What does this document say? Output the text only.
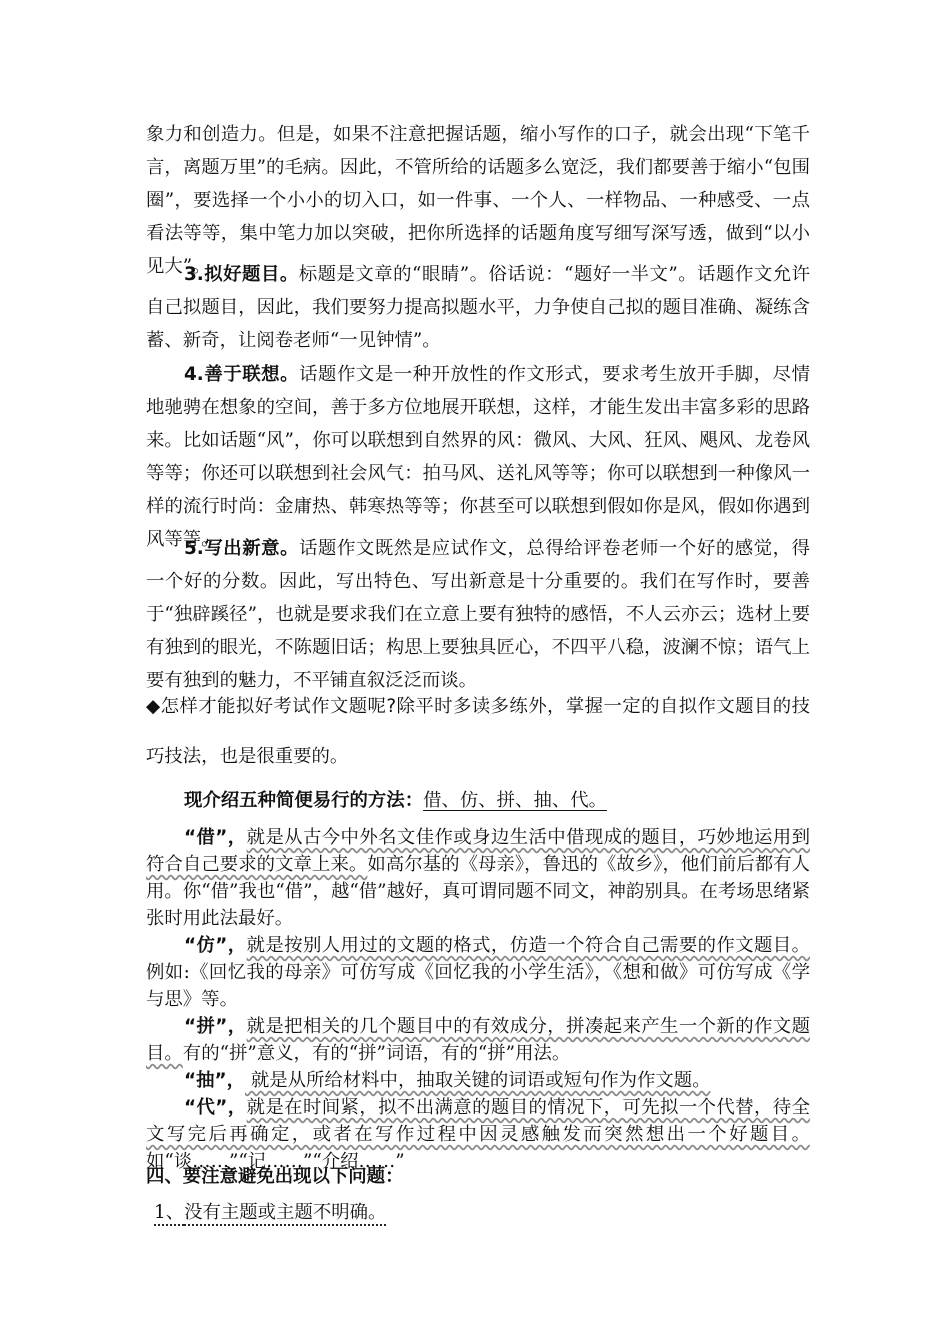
象力和创造力。但是，如果不注意把握话题，缩小写作的口子，就会出现“下笔千言，离题万里”的毛病。因此，不管所给的话题多么宽泛，我们都要善于缩小“包围圈”，要选择一个小小的切入口，如一件事、一个人、一样物品、一种感受、一点看法等等，集中笔力加以突破，把你所选择的话题角度写细写深写透，做到“以小见大”。

3.拟好题目。标题是文章的“眼睛”。俗话说：“题好一半文”。话题作文允许自己拟题目，因此，我们要努力提高拟题水平，力争使自己拟的题目准确、凝练含蓄、新奇，让阅卷老师“一见钟情”。

4.善于联想。话题作文是一种开放性的作文形式，要求考生放开手脚，尽情地驰骋在想象的空间，善于多方位地展开联想，这样，才能生发出丰富多彩的思路来。比如话题“风”，你可以联想到自然界的风：微风、大风、狂风、飓风、龙卷风等等；你还可以联想到社会风气：拍马风、送礼风等等；你可以联想到一种像风一样的流行时尚：金庸热、韩寒热等等；你甚至可以联想到假如你是风，假如你遇到风等等。

5.写出新意。话题作文既然是应试作文，总得给评卷老师一个好的感觉，得一个好的分数。因此，写出特色、写出新意是十分重要的。我们在写作时，要善于“独辟蹊径”，也就是要求我们在立意上要有独特的感悟，不人云亦云；选材上要有独到的眼光，不陈题旧话；构思上要独具匠心，不四平八稳，波澜不惊；语气上要有独到的魅力，不平铺直叙泛泛而谈。

◆怎样才能拟好考试作文题呢?除平时多读多练外，掌握一定的自拟作文题目的技巧技法，也是很重要的。

现介绍五种简便易行的方法：借、仿、拼、抽、代。

“借”，就是从古今中外名文佳作或身边生活中借现成的题目，巧妙地运用到符合自己要求的文章上来。如高尔基的《母亲》，鲁迅的《故乡》，他们前后都有人用。你“借”我也“借”，越“借”越好，真可谓同题不同文，神韵别具。在考场思绪紧张时用此法最好。

“仿”，就是按别人用过的文题的格式，仿造一个符合自己需要的作文题目。例如:《回忆我的母亲》可仿写成《回忆我的小学生活》，《想和做》可仿写成《学与思》等。

“拼”，就是把相关的几个题目中的有效成分，拼凑起来产生一个新的作文题目。有的“拼”意义，有的“拼”词语，有的“拼”用法。

“抽”， 就是从所给材料中，抽取关键的词语或短句作为作文题。

“代”，就是在时间紧，拟不出满意的题目的情况下，可先拟一个代替，待全文写完后再确定，或者在写作过程中因灵感触发而突然想出一个好题目。如“谈……”“记……”“介绍……”

四、要注意避免出现以下问题：

1、没有主题或主题不明确。
